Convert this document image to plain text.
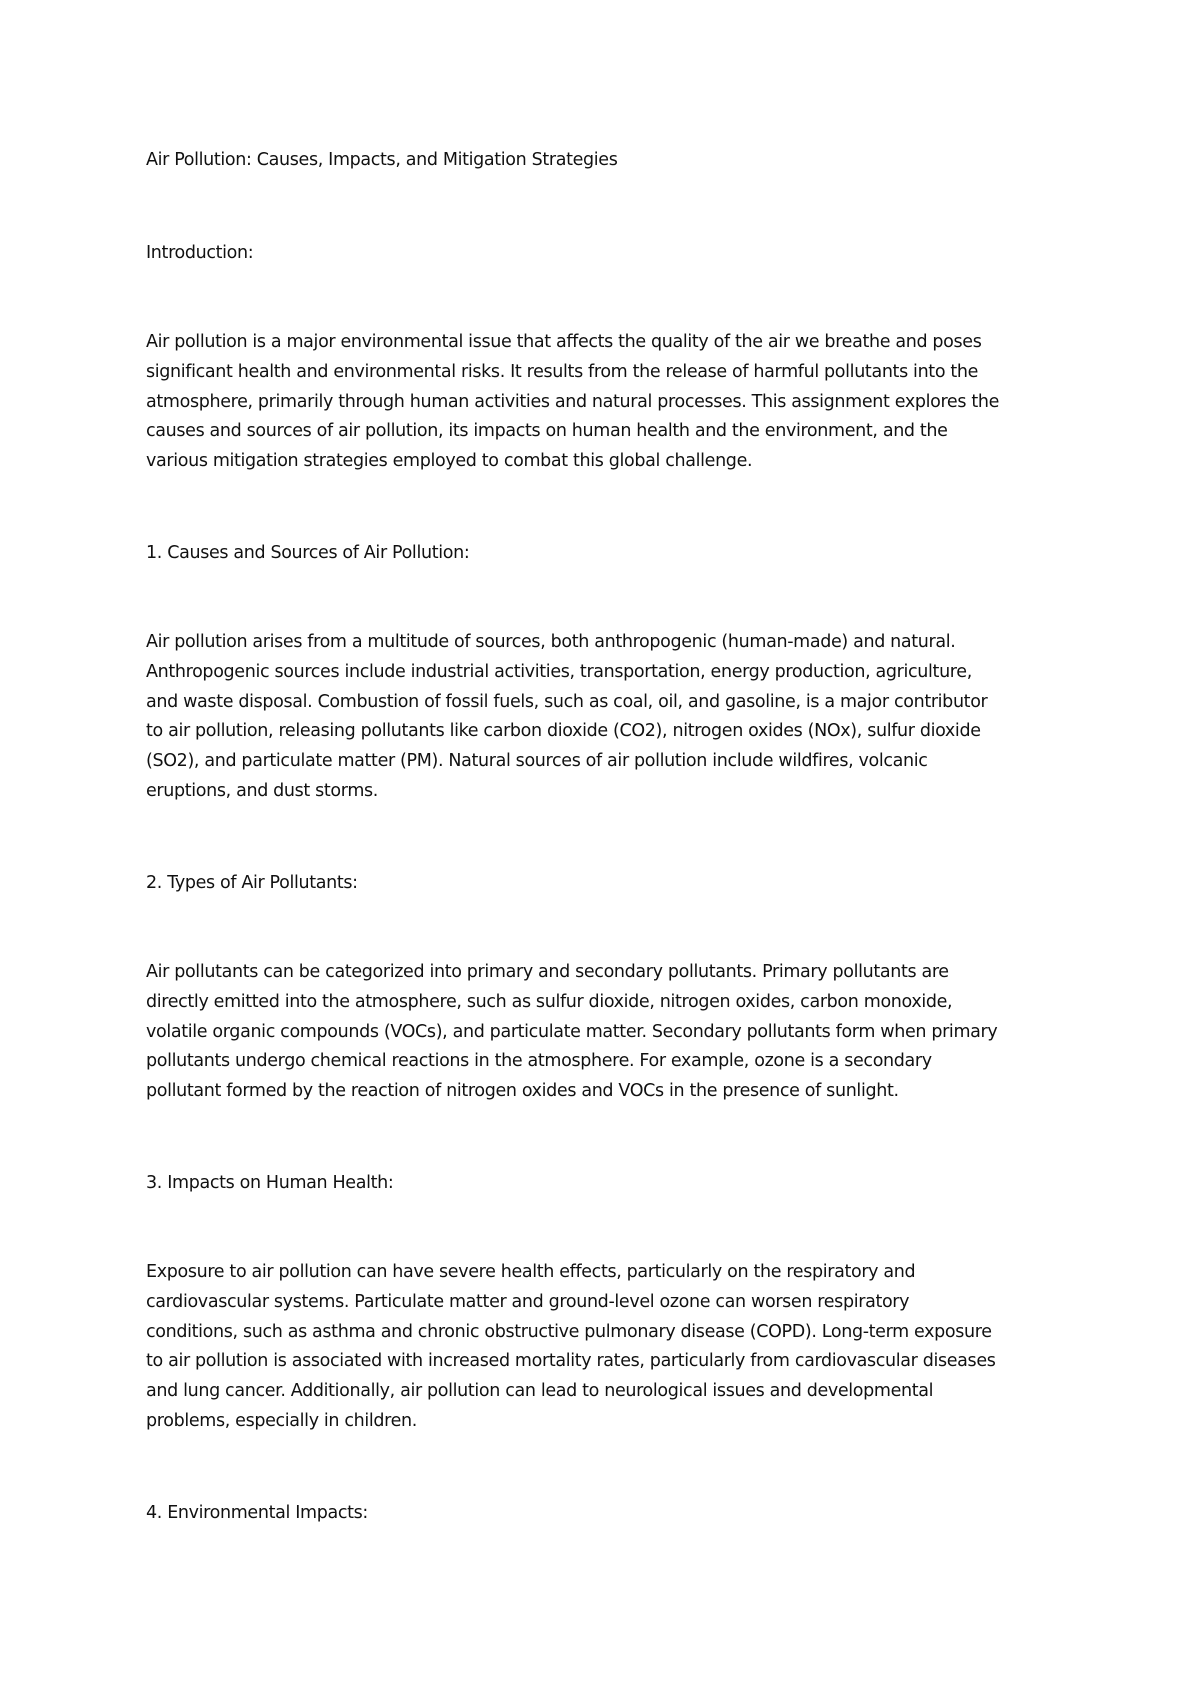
Air Pollution: Causes, Impacts, and Mitigation Strategies
Introduction:
Air pollution is a major environmental issue that affects the quality of the air we breathe and poses
significant health and environmental risks. It results from the release of harmful pollutants into the
atmosphere, primarily through human activities and natural processes. This assignment explores the
causes and sources of air pollution, its impacts on human health and the environment, and the
various mitigation strategies employed to combat this global challenge.
1. Causes and Sources of Air Pollution:
Air pollution arises from a multitude of sources, both anthropogenic (human-made) and natural.
Anthropogenic sources include industrial activities, transportation, energy production, agriculture,
and waste disposal. Combustion of fossil fuels, such as coal, oil, and gasoline, is a major contributor
to air pollution, releasing pollutants like carbon dioxide (CO2), nitrogen oxides (NOx), sulfur dioxide
(SO2), and particulate matter (PM). Natural sources of air pollution include wildfires, volcanic
eruptions, and dust storms.
2. Types of Air Pollutants:
Air pollutants can be categorized into primary and secondary pollutants. Primary pollutants are
directly emitted into the atmosphere, such as sulfur dioxide, nitrogen oxides, carbon monoxide,
volatile organic compounds (VOCs), and particulate matter. Secondary pollutants form when primary
pollutants undergo chemical reactions in the atmosphere. For example, ozone is a secondary
pollutant formed by the reaction of nitrogen oxides and VOCs in the presence of sunlight.
3. Impacts on Human Health:
Exposure to air pollution can have severe health effects, particularly on the respiratory and
cardiovascular systems. Particulate matter and ground-level ozone can worsen respiratory
conditions, such as asthma and chronic obstructive pulmonary disease (COPD). Long-term exposure
to air pollution is associated with increased mortality rates, particularly from cardiovascular diseases
and lung cancer. Additionally, air pollution can lead to neurological issues and developmental
problems, especially in children.
4. Environmental Impacts:
